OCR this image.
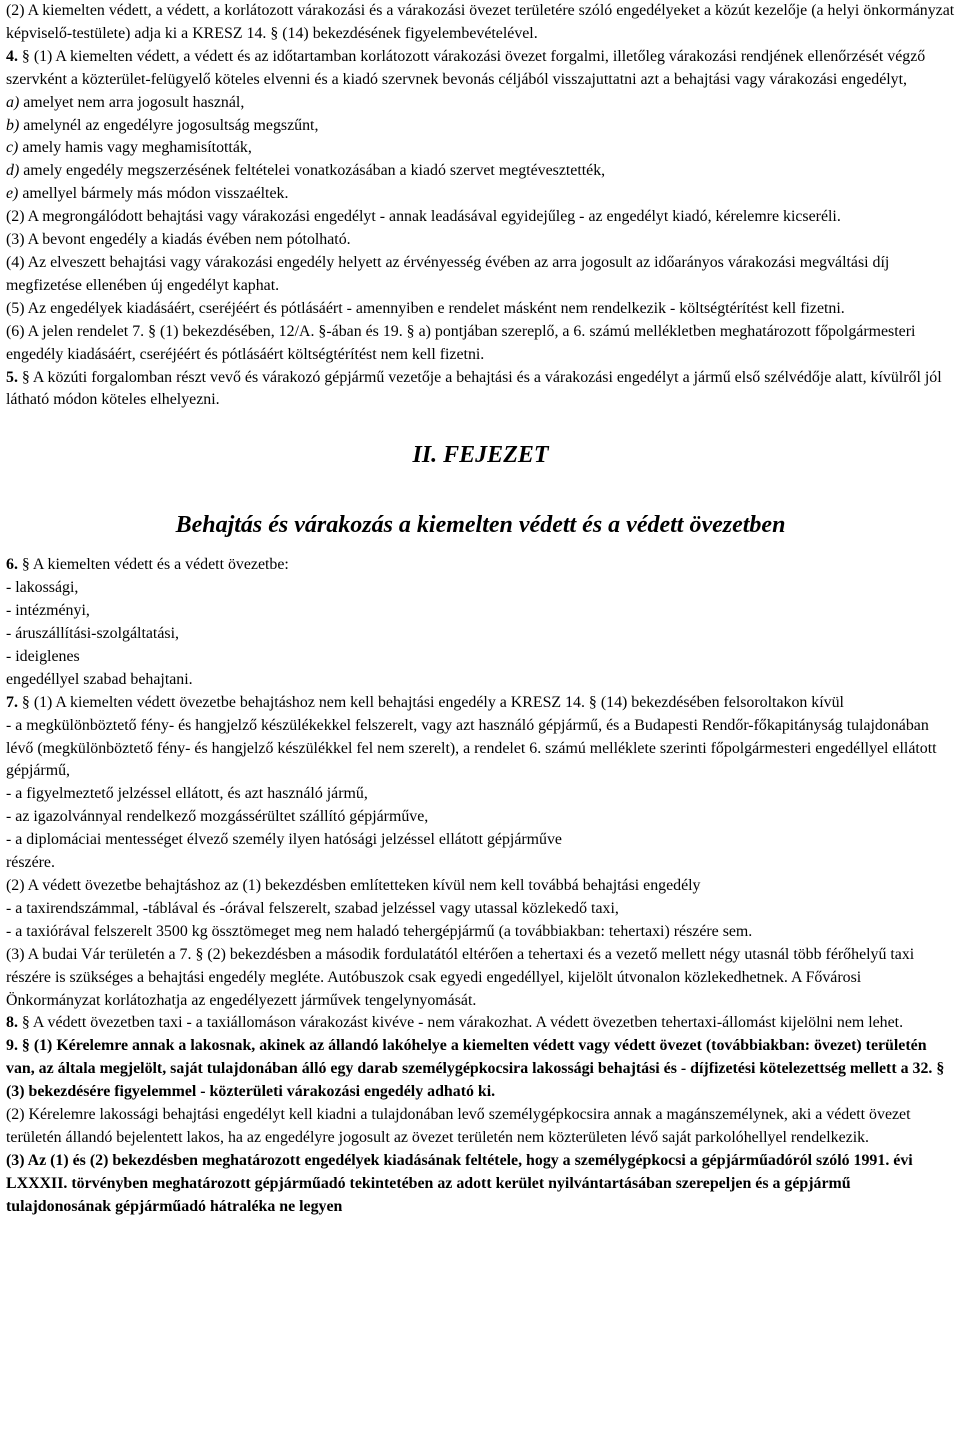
(2) A kiemelten védett, a védett, a korlátozott várakozási és a várakozási övezet területére szóló engedélyeket a közút kezelője (a helyi önkormányzat képviselő-testülete) adja ki a KRESZ 14. § (14) bekezdésének figyelembevételével.

4. § (1) A kiemelten védett, a védett és az időtartamban korlátozott várakozási övezet forgalmi, illetőleg várakozási rendjének ellenőrzését végző szervként a közterület-felügyelő köteles elvenni és a kiadó szervnek bevonás céljából visszajuttatni azt a behajtási vagy várakozási engedélyt,

a) amelyet nem arra jogosult használ,

b) amelynél az engedélyre jogosultság megszűnt,

c) amely hamis vagy meghamisították,

d) amely engedély megszerzésének feltételei vonatkozásában a kiadó szervet megtévesztették,

e) amellyel bármely más módon visszaéltek.

(2) A megrongálódott behajtási vagy várakozási engedélyt - annak leadásával egyidejűleg - az engedélyt kiadó, kérelemre kicseréli.

(3) A bevont engedély a kiadás évében nem pótolható.

(4) Az elveszett behajtási vagy várakozási engedély helyett az érvényesség évében az arra jogosult az időarányos várakozási megváltási díj megfizetése ellenében új engedélyt kaphat.

(5) Az engedélyek kiadásáért, cseréjéért és pótlásáért - amennyiben e rendelet másként nem rendelkezik - költségtérítést kell fizetni.

(6) A jelen rendelet 7. § (1) bekezdésében, 12/A. §-ában és 19. § a) pontjában szereplő, a 6. számú mellékletben meghatározott főpolgármesteri engedély kiadásáért, cseréjéért és pótlásáért költségtérítést nem kell fizetni.

5. § A közúti forgalomban részt vevő és várakozó gépjármű vezetője a behajtási és a várakozási engedélyt a jármű első szélvédője alatt, kívülről jól látható módon köteles elhelyezni.

II. FEJEZET
Behajtás és várakozás a kiemelten védett és a védett övezetben

6. § A kiemelten védett és a védett övezetbe:

- lakossági,

- intézményi,

- áruszállítási-szolgáltatási,

- ideiglenes

engedéllyel szabad behajtani.

7. § (1) A kiemelten védett övezetbe behajtáshoz nem kell behajtási engedély a KRESZ 14. § (14) bekezdésében felsoroltakon kívül

- a megkülönböztető fény- és hangjelző készülékekkel felszerelt, vagy azt használó gépjármű, és a Budapesti Rendőr-főkapitányság tulajdonában lévő (megkülönböztető fény- és hangjelző készülékkel fel nem szerelt), a rendelet 6. számú melléklete szerinti főpolgármesteri engedéllyel ellátott gépjármű,

- a figyelmeztető jelzéssel ellátott, és azt használó jármű,

- az igazolvánnyal rendelkező mozgássérültet szállító gépjárműve,

- a diplomáciai mentességet élvező személy ilyen hatósági jelzéssel ellátott gépjárműve

részére.

(2) A védett övezetbe behajtáshoz az (1) bekezdésben említetteken kívül nem kell továbbá behajtási engedély

- a taxirendszámmal, -táblával és -órával felszerelt, szabad jelzéssel vagy utassal közlekedő taxi,

- a taxiórával felszerelt 3500 kg össztömeget meg nem haladó tehergépjármű (a továbbiakban: tehertaxi) részére sem.

(3) A budai Vár területén a 7. § (2) bekezdésben a második fordulatától eltérően a tehertaxi és a vezető mellett négy utasnál több férőhelyű taxi részére is szükséges a behajtási engedély megléte. Autóbuszok csak egyedi engedéllyel, kijelölt útvonalon közlekedhetnek. A Fővárosi Önkormányzat korlátozhatja az engedélyezett járművek tengelynyomását.

8. § A védett övezetben taxi - a taxiállomáson várakozást kivéve - nem várakozhat. A védett övezetben tehertaxi-állomást kijelölni nem lehet.

9. § (1) Kérelemre annak a lakosnak, akinek az állandó lakóhelye a kiemelten védett vagy védett övezet (továbbiakban: övezet) területén van, az általa megjelölt, saját tulajdonában álló egy darab személygépkocsira lakossági behajtási és - díjfizetési kötelezettség mellett a 32. § (3) bekezdésére figyelemmel - közterületi várakozási engedély adható ki.

(2) Kérelemre lakossági behajtási engedélyt kell kiadni a tulajdonában levő személygépkocsira annak a magánszemélynek, aki a védett övezet területén állandó bejelentett lakos, ha az engedélyre jogosult az övezet területén nem közterületen lévő saját parkolóhellyel rendelkezik.

(3) Az (1) és (2) bekezdésben meghatározott engedélyek kiadásának feltétele, hogy a személygépkocsi a gépjárműadóról szóló 1991. évi LXXXII. törvényben meghatározott gépjárműadó tekintetében az adott kerület nyilvántartásában szerepeljen és a gépjármű tulajdonosának gépjárműadó hátraléka ne legyen
